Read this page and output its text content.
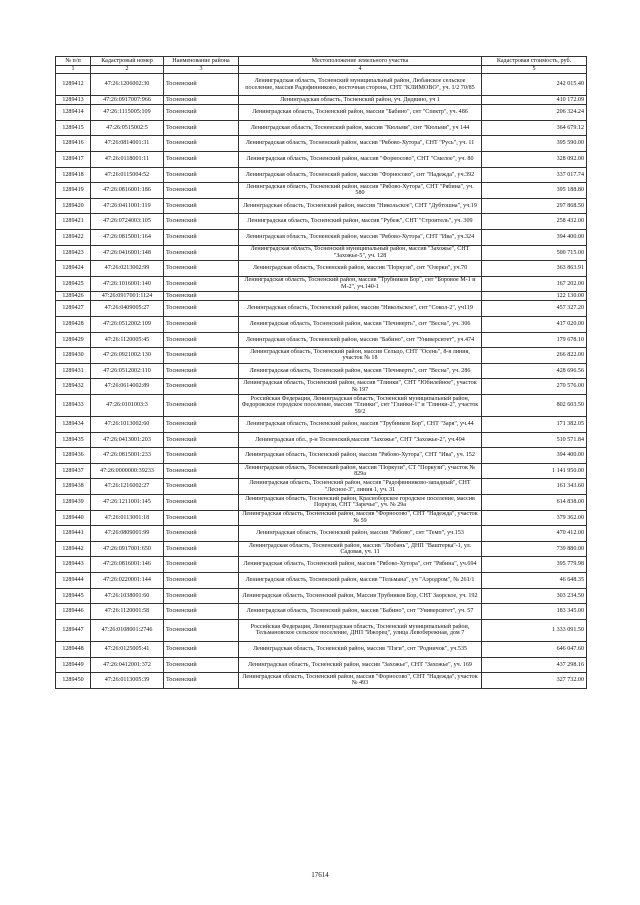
№ п/п	Кадастровый номер	Наименование района	Местоположение земельного участка	Кадастровая стоимость, руб.
1	2	3	4	5
1289412	47:26:1206002:30	Тосненский	Ленинградская область, Тосненский муниципальный район, Любанское сельское поселение, массив Радофинниково, восточная сторона, СНТ "КЛИМОВО", уч. 1/2 70/85	242 015.40
1289413	47:26:0917007:966	Тосненский	Ленинградская область, Тосненский район, уч. Дидвино, уч 1	410 172.09
1289414	47:26:1115005:109	Тосненский	Ленинградская область, Тосненский район, массив "Бабино", снт "Спектр", уч. 486	206 324.24
1289415	47:26:0515002:5	Тосненский	Ленинградская область, Тосненский район, массив "Кюльмя", снт "Кюльмя", уч 144	364 679.12
1289416	47:26:0814001:31	Тосненский	Ленинградская область, Тосненский район, массив "Рябово-Хутора", СНТ "Русь", уч. 11	395 590.00
1289417	47:26:0118001:11	Тосненский	Ленинградская область, Тосненский район, массив "Форносово", СНТ "Смелое", уч. 80	328 092.00
1289418	47:26:0115004:52	Тосненский	Ленинградская область, Тосненский район, массив "Форносово", снт "Надежда", уч.392	337 017.74
1289419	47:26:0816001:186	Тосненский	Ленинградская область, Тосненский район, массив "Рябово-Хутора", СНТ "Рябина", уч. 580	395 188.80
1289420	47:26:0411001:119	Тосненский	Ленинградская область, Тосненский район, массив "Никольское", СНТ "Дубтошна", уч.19	297 868.50
1289421	47:26:0724003:105	Тосненский	Ленинградская область, Тосненский район, массив "Рубеж", СНТ "Строитель", уч. 309	258 432.00
1289422	47:26:0815001:164	Тосненский	Ленинградская область, Тосненский район, массив "Рябово-Хутора", СНТ "Ива", уч.324	394 400.00
1289423	47:26:0416001:148	Тосненский	Ленинградская область, Тосненский муниципальный район, массив "Захожье", СНТ "Захожье-5", уч. 128	500 715.00
1289424	47:26:0213002:99	Тосненский	Ленинградская область, Тосненский район, массив "Поркузи", снт "Озерки", уч.70	363 863.91
1289425	47:26:1016001:140	Тосненский	Ленинградская область, Тосненский район, массив "Трубников Бор", снт "Боровое М-1 и М-2", уч.140-1	167 202.00
1289426	47:26:0917001:1124	Тосненский		122 130.00
1289427	47:26:0409005:27	Тосненский	Ленинградская область, Тосненский район, массив "Никольское", снт "Сокол-2", уч119	457 327.20
1289428	47:26:0512002:109	Тосненский	Ленинградская область, Тосненский район, массив "Печнверть", снт "Весна", уч. 306	417 020.00
1289429	47:26:1120005:45	Тосненский	Ленинградская область, Тосненский район, массив "Бабино", снт "Университет", уч.474	179 678.10
1289430	47:26:0921002:130	Тосненский	Ленинградская область, Тосненский район, массив Сельцо, СНТ "Осень", 8-я линия, участок № 18	266 822.00
1289431	47:26:0512002:110	Тосненский	Ленинградская область, Тосненский район, массив "Печнверть", снт "Весна", уч. 286	428 696.56
1289432	47:26:0614002:89	Тосненский	Ленинградская область, Тосненский район, массив "Тлинки", СНТ "Юбилейное", участок № 197	270 576.00
1289433	47:26:0101003:3	Тосненский	Российская Федерация, Ленинградская область, Тосненский муниципальный район, Федоровское городское поселение, массив "Тлинки", снт "Глинки-1" и "Глинки-2", участок 59/2	802 603.50
1289434	47:26:1013002:60	Тосненский	Ленинградская область, Тосненский район, массив "Трубников Бор", СНТ "Заря", уч.44	171 382.05
1289435	47:26:0413001:203	Тосненский	Ленинградская обл., р-н Тосненский,массив "Захожье", СНТ "Захожье-2", уч.494	510 571.84
1289436	47:26:0815001:233	Тосненский	Ленинградская область, Тосненский район, массив "Рябово-Хутора", СНТ "Ива", уч. 152	394 400.00
1289437	47:26:0000000:39233	Тосненский	Ленинградская область, Тосненский район, массив "Поркузи", СТ "Поркузи", участок № 829а	1 141 950.00
1289438	47:26:1216002:27	Тосненский	Ленинградская область, Тосненский район, массив "Радофинниково-западный", СНТ "Лесное-3", линия 1, уч. 31	161 343.60
1289439	47:26:1211001:145	Тосненский	Ленинградская область, Тосненский район, Красноборское городское поселение, массив Поркузи, СНТ "Заречье", уч. № 29а	614 838.00
1289440	47:26:0113001:18	Тосненский	Ленинградская область, Тосненский район, массив "Форносово", СНТ "Надежда", участок № 59	379 362.00
1289441	47:26:0809001:99	Тосненский	Ленинградская область, Тосненский район, массив "Рябово", снт "Темп", уч.153	470 412.00
1289442	47:26:0917001:650	Тосненский	Ленинградская область, Тосненский район, массив "Любань", ДНП "Ваштерка"-1, ул. Садовая, уч. 11	739 880.00
1289443	47:26:0816001:146	Тосненский	Ленинградская область, Тосненский район, массив "Рябово-Хутора", снт "Рябина", уч.694	395 779.98
1289444	47:26:0220001:144	Тосненский	Ленинградская область, Тосненский район, массив "Тельмана", уч "Аэродром", № 261/1	46 648.35
1289445	47:26:1038001:60	Тосненский	Ленинградская область, Тосненский район, Массив Трубников Бор, СНТ Заорское, уч. 192	303 234.50
1289446	47:26:1120001:58	Тосненский	Ленинградская область, Тосненский район, массив "Бабино", снт "Университет", уч. 57	183 345.00
1289447	47:26:0108001:2746	Тосненский	Российская Федерация, Ленинградская область, Тосненский муниципальный район, Тельмановское сельское поселение, ДНП "Ижорец", улица Левобережная, дом 7	1 333 091.50
1289448	47:26:0125005:41	Тосненский	Ленинградская область, Тосненский район, массив "Пэги", снт "Родничок", уч.535	646 047.60
1289449	47:26:0412001:372	Тосненский	Ленинградская область, Тосненский район, массив "Захожье", СНТ "Захожье", уч. 169	437 298.16
1289450	47:26:0113005:39	Тосненский	Ленинградская область, Тосненский район, массив "Форносово", СНТ "Надежда", участок № 493	327 732.00
17614
